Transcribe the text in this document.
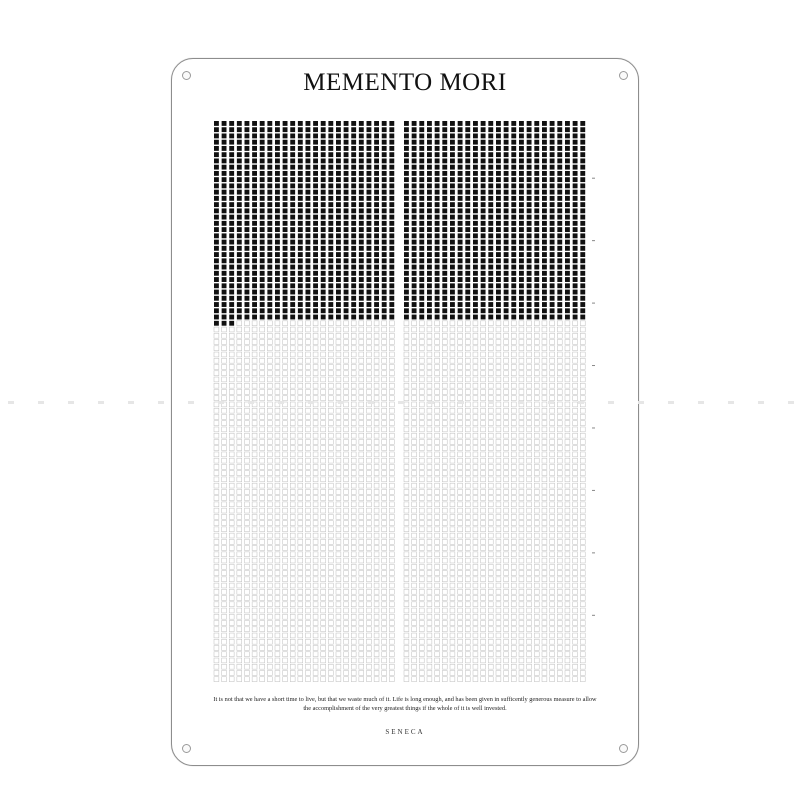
MEMENTO MORI
It is not that we have a short time to live, but that we waste much of it. Life is long enough, and has been given in sufficently generous measure to allow the accomplishment of the very greatest things if the whole of it is well invested.
SENECA
